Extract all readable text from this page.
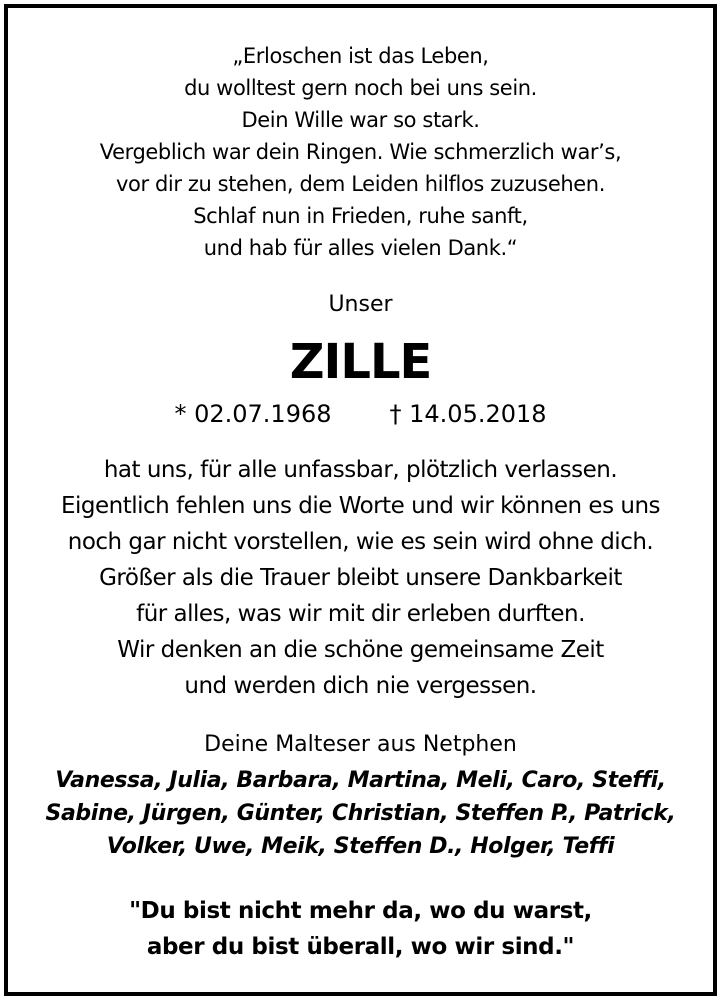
„Erloschen ist das Leben,
du wolltest gern noch bei uns sein.
Dein Wille war so stark.
Vergeblich war dein Ringen. Wie schmerzlich war’s,
vor dir zu stehen, dem Leiden hilflos zuzusehen.
Schlaf nun in Frieden, ruhe sanft,
und hab für alles vielen Dank.“
Unser
ZILLE
* 02.07.1968 † 14.05.2018
hat uns, für alle unfassbar, plötzlich verlassen.
Eigentlich fehlen uns die Worte und wir können es uns
noch gar nicht vorstellen, wie es sein wird ohne dich.
Größer als die Trauer bleibt unsere Dankbarkeit
für alles, was wir mit dir erleben durften.
Wir denken an die schöne gemeinsame Zeit
und werden dich nie vergessen.
Deine Malteser aus Netphen
Vanessa, Julia, Barbara, Martina, Meli, Caro, Steffi,
Sabine, Jürgen, Günter, Christian, Steffen P., Patrick,
Volker, Uwe, Meik, Steffen D., Holger, Teffi
"Du bist nicht mehr da, wo du warst,
aber du bist überall, wo wir sind."
